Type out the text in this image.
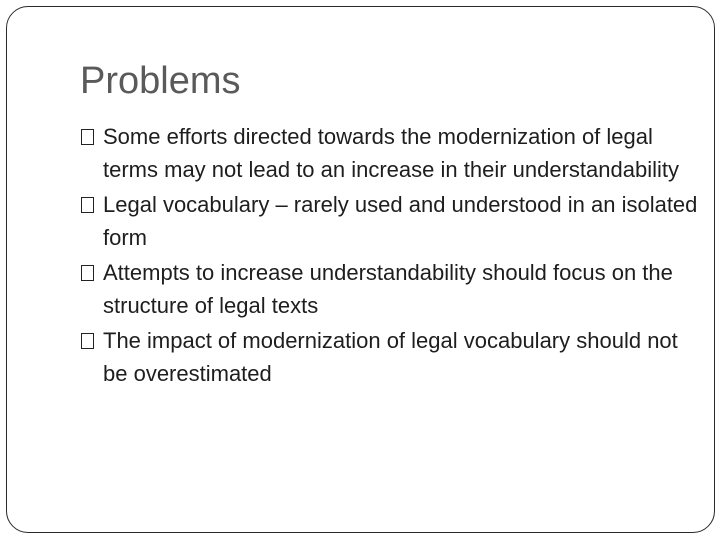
Problems
Some efforts directed towards the modernization of legal terms may not lead to an increase in their understandability
Legal vocabulary – rarely used and understood in an isolated form
Attempts to increase understandability should focus on the structure of legal texts
The impact of modernization of legal vocabulary should not be overestimated
